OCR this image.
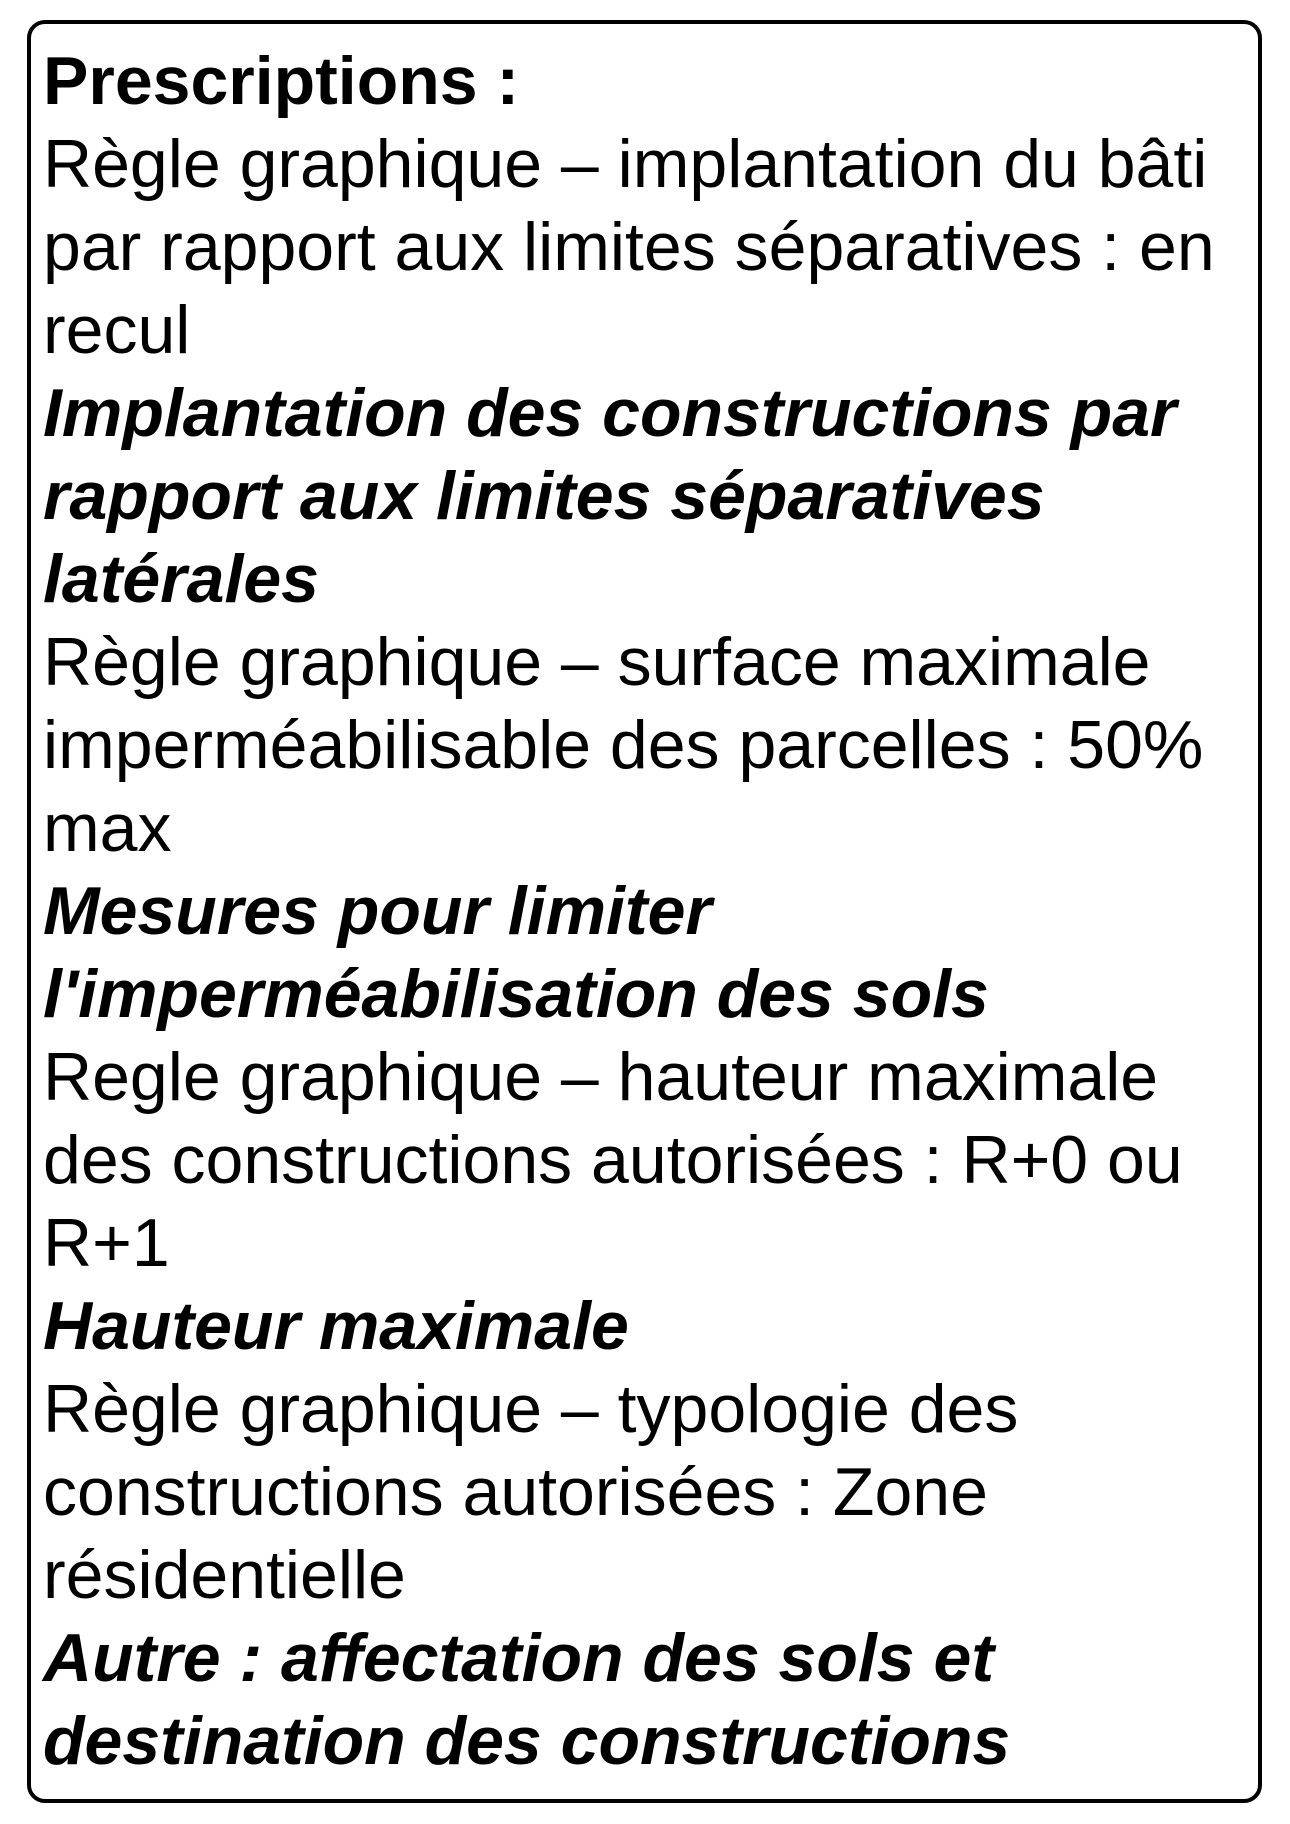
Prescriptions :
Règle graphique – implantation du bâti par rapport aux limites séparatives : en recul
Implantation des constructions par rapport aux limites séparatives latérales
Règle graphique – surface maximale imperméabilisable des parcelles : 50% max
Mesures pour limiter l'imperméabilisation des sols
Regle graphique – hauteur maximale des constructions autorisées : R+0 ou R+1
Hauteur maximale
Règle graphique – typologie des constructions autorisées : Zone résidentielle
Autre : affectation des sols et destination des constructions
